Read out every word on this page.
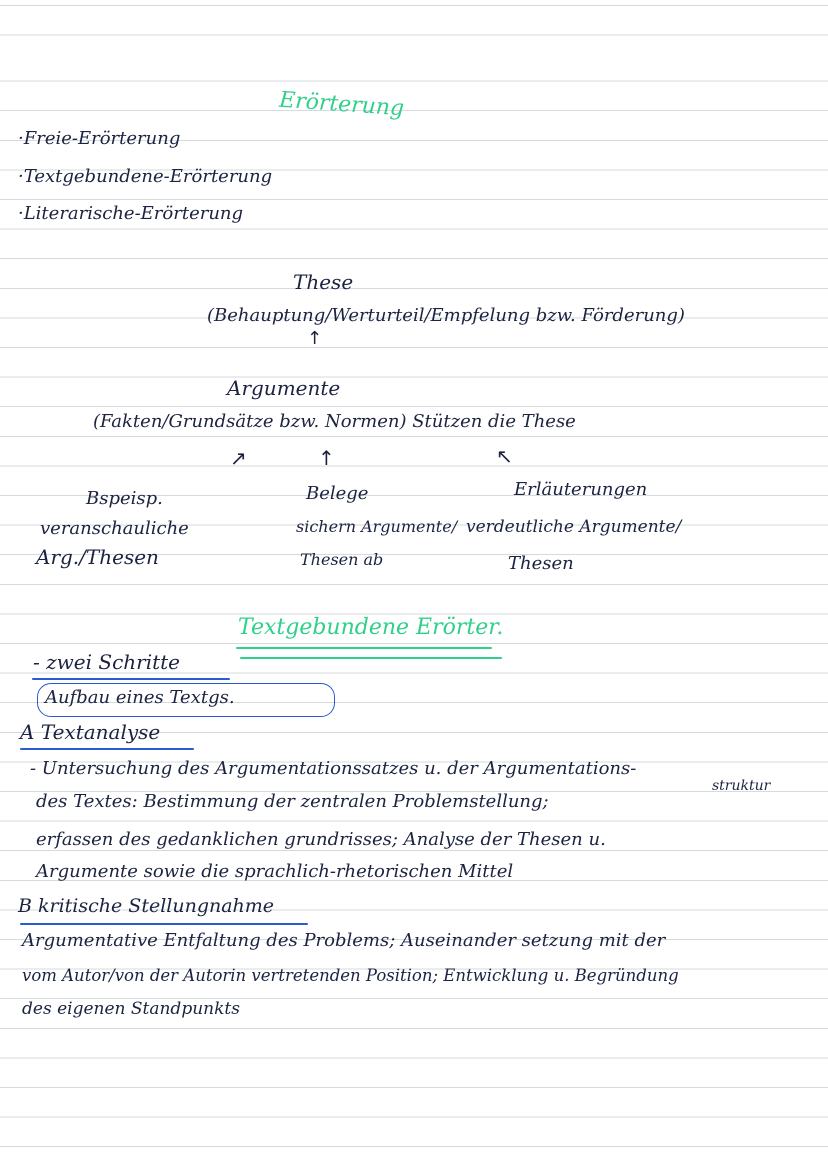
Erörterung
·Freie-Erörterung
·Textgebundene-Erörterung
·Literarische-Erörterung
These
(Behauptung/Werturteil/Empfelung bzw. Förderung)
↑
Argumente
(Fakten/Grundsätze bzw. Normen) Stützen die These
↗	↑	↖
Bspeisp.
veranschauliche
Arg./Thesen
Belege
sichern Argumente/
Thesen ab
Erläuterungen
verdeutliche Argumente/
Thesen
Textgebundene Erörter.
- zwei Schritte
Aufbau eines Textgs.
A Textanalyse
struktur
- Untersuchung des Argumentationssatzes u. der Argumentations-
des Textes: Bestimmung der zentralen Problemstellung;
erfassen des gedanklichen grundrisses; Analyse der Thesen u.
Argumente sowie die sprachlich-rhetorischen Mittel
B kritische Stellungnahme
Argumentative Entfaltung des Problems; Auseinander setzung mit der
vom Autor/von der Autorin vertretenden Position; Entwicklung u. Begründung
des eigenen Standpunkts
